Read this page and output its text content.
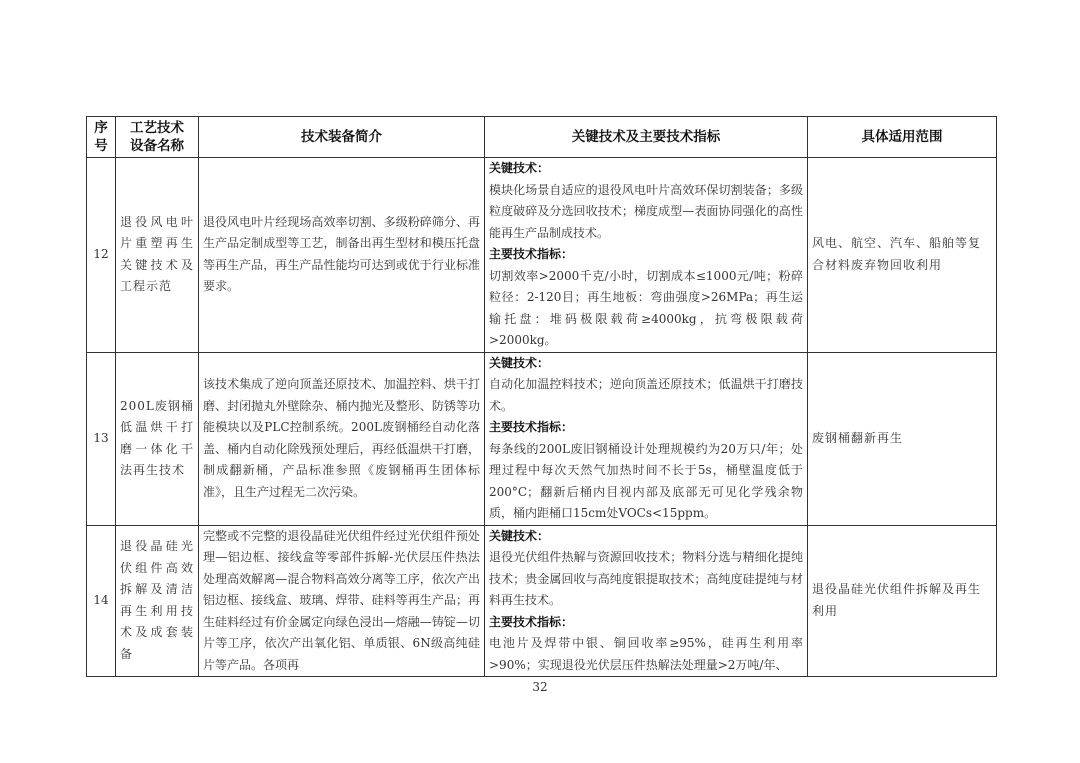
序号	工艺技术设备名称	技术装备简介	关键技术及主要技术指标	具体适用范围
12	退役风电叶片重塑再生关键技术及工程示范	退役风电叶片经现场高效率切割、多级粉碎筛分、再生产品定制成型等工艺，制备出再生型材和模压托盘等再生产品，再生产品性能均可达到或优于行业标准要求。	关键技术：
模块化场景自适应的退役风电叶片高效环保切割装备；多级粒度破碎及分选回收技术；梯度成型—表面协同强化的高性能再生产品制成技术。
主要技术指标：
切割效率>2000千克/小时，切割成本≤1000元/吨；粉碎粒径：2-120目；再生地板：弯曲强度>26MPa；再生运输托盘：堆码极限载荷≥4000kg，抗弯极限载荷>2000kg。	风电、航空、汽车、船舶等复合材料废弃物回收利用
13	200L废钢桶低温烘干打磨一体化干法再生技术	该技术集成了逆向顶盖还原技术、加温控料、烘干打磨、封闭抛丸外壁除杂、桶内抛光及整形、防锈等功能模块以及PLC控制系统。200L废钢桶经自动化落盖、桶内自动化除残预处理后，再经低温烘干打磨，制成翻新桶，产品标准参照《废钢桶再生团体标准》，且生产过程无二次污染。	关键技术：
自动化加温控料技术；逆向顶盖还原技术；低温烘干打磨技术。
主要技术指标：
每条线的200L废旧钢桶设计处理规模约为20万只/年；处理过程中每次天然气加热时间不长于5s，桶壁温度低于200°C；翻新后桶内目视内部及底部无可见化学残余物质，桶内距桶口15cm处VOCs<15ppm。	废钢桶翻新再生
14	退役晶硅光伏组件高效拆解及清洁再生利用技术及成套装备	完整或不完整的退役晶硅光伏组件经过光伏组件预处理—铝边框、接线盒等零部件拆解-光伏层压件热法处理高效解离—混合物料高效分离等工序，依次产出铝边框、接线盒、玻璃、焊带、硅料等再生产品；再生硅料经过有价金属定向绿色浸出—熔融—铸锭—切片等工序，依次产出氧化铝、单质银、6N级高纯硅片等产品。各项再	关键技术：
退役光伏组件热解与资源回收技术；物料分选与精细化提纯技术；贵金属回收与高纯度银提取技术；高纯度硅提纯与材料再生技术。
主要技术指标：
电池片及焊带中银、铜回收率≥95%，硅再生利用率>90%；实现退役光伏层压件热解法处理量>2万吨/年、	退役晶硅光伏组件拆解及再生利用
32
